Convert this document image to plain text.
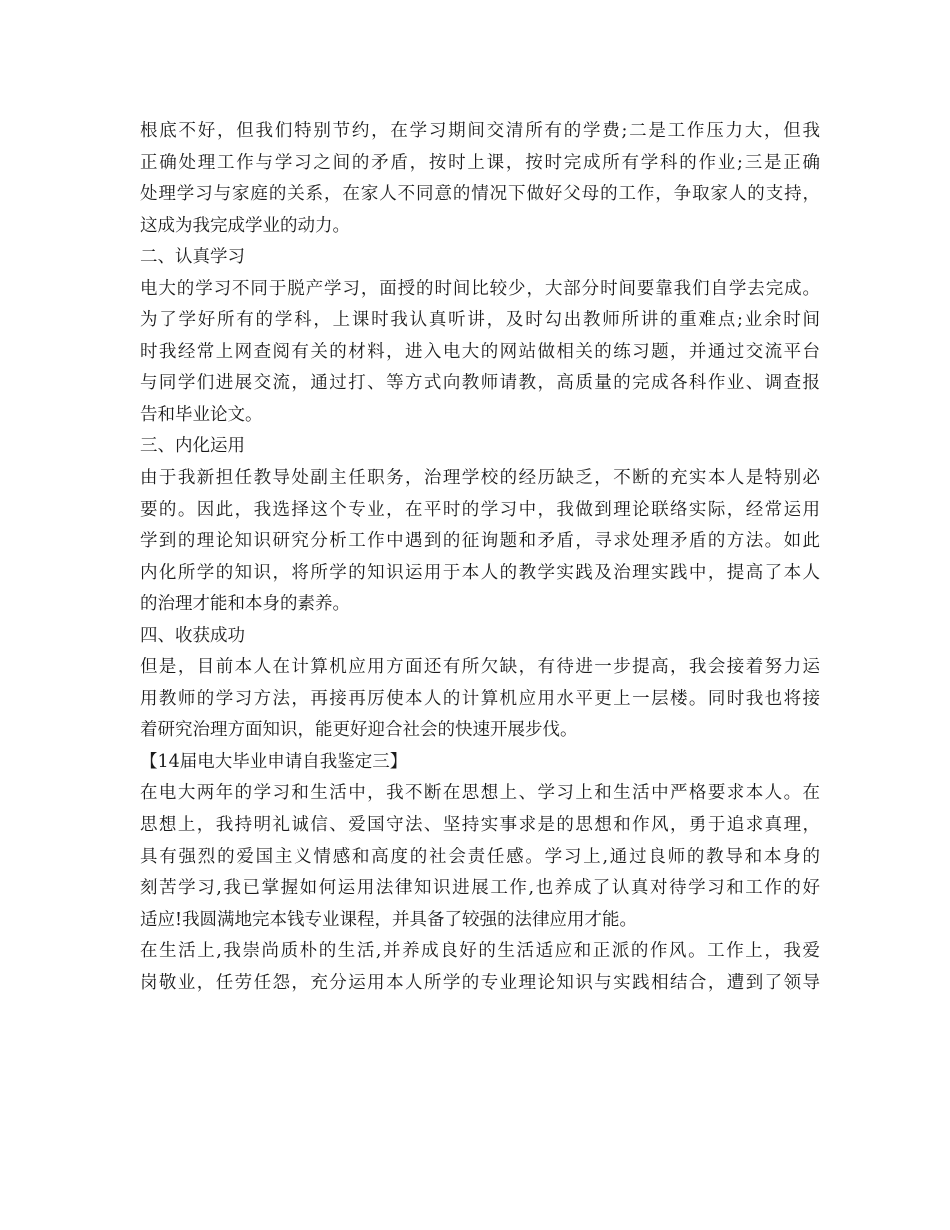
根底不好，但我们特别节约，在学习期间交清所有的学费;二是工作压力大，但我
正确处理工作与学习之间的矛盾，按时上课，按时完成所有学科的作业;三是正确
处理学习与家庭的关系，在家人不同意的情况下做好父母的工作，争取家人的支持，
这成为我完成学业的动力。
二、认真学习
电大的学习不同于脱产学习，面授的时间比较少，大部分时间要靠我们自学去完成。
为了学好所有的学科，上课时我认真听讲，及时勾出教师所讲的重难点;业余时间
时我经常上网查阅有关的材料，进入电大的网站做相关的练习题，并通过交流平台
与同学们进展交流，通过打、等方式向教师请教，高质量的完成各科作业、调查报
告和毕业论文。
三、内化运用
由于我新担任教导处副主任职务，治理学校的经历缺乏，不断的充实本人是特别必
要的。因此，我选择这个专业，在平时的学习中，我做到理论联络实际，经常运用
学到的理论知识研究分析工作中遇到的征询题和矛盾，寻求处理矛盾的方法。如此
内化所学的知识，将所学的知识运用于本人的教学实践及治理实践中，提高了本人
的治理才能和本身的素养。
四、收获成功
但是，目前本人在计算机应用方面还有所欠缺，有待进一步提高，我会接着努力运
用教师的学习方法，再接再厉使本人的计算机应用水平更上一层楼。同时我也将接
着研究治理方面知识，能更好迎合社会的快速开展步伐。
【14届电大毕业申请自我鉴定三】
在电大两年的学习和生活中，我不断在思想上、学习上和生活中严格要求本人。在
思想上，我持明礼诚信、爱国守法、坚持实事求是的思想和作风，勇于追求真理，
具有强烈的爱国主义情感和高度的社会责任感。学习上,通过良师的教导和本身的
刻苦学习,我已掌握如何运用法律知识进展工作,也养成了认真对待学习和工作的好
适应!我圆满地完本钱专业课程，并具备了较强的法律应用才能。
在生活上,我崇尚质朴的生活,并养成良好的生活适应和正派的作风。工作上，我爱
岗敬业，任劳任怨，充分运用本人所学的专业理论知识与实践相结合，遭到了领导
